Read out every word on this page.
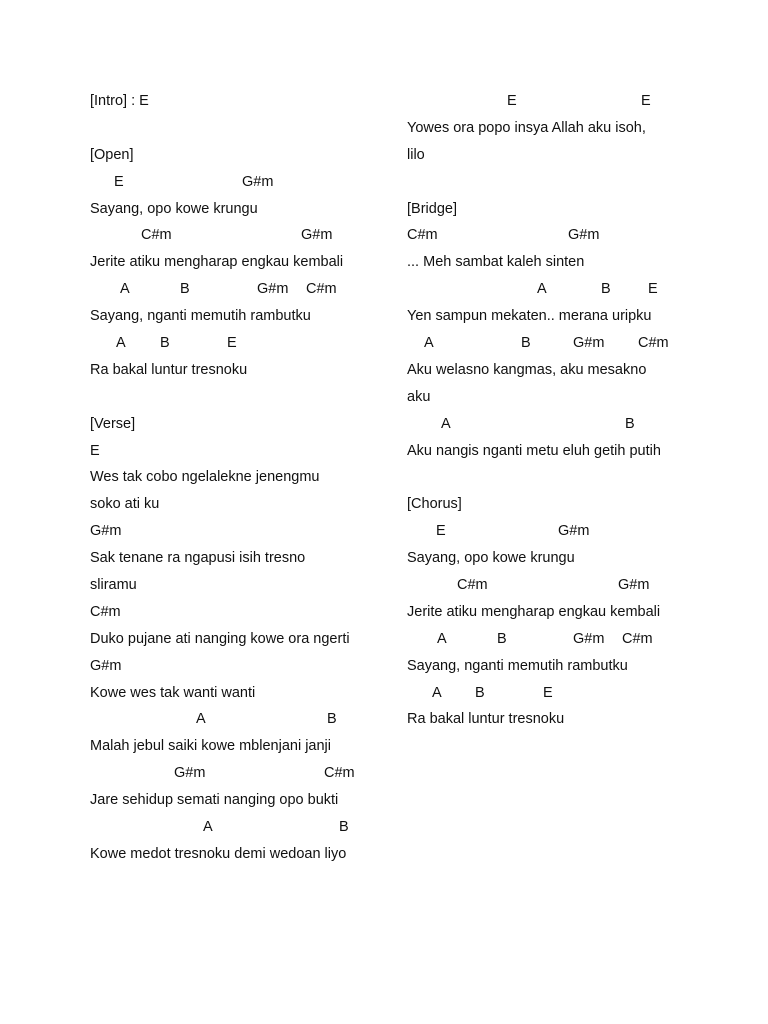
[Intro] : E
[Open]
E	G#m
Sayang, opo kowe krungu
C#m	G#m
Jerite atiku mengharap engkau kembali
A	B	G#m C#m
Sayang, nganti memutih rambutku
A B	E
Ra bakal luntur tresnoku
[Verse]
E
Wes tak cobo ngelalekne jenengmu
soko ati ku
G#m
Sak tenane ra ngapusi isih tresno
sliramu
C#m
Duko pujane ati nanging kowe ora ngerti
G#m
Kowe wes tak wanti wanti
A	B
Malah jebul saiki kowe mblenjani janji
G#m	C#m
Jare sehidup semati nanging opo bukti
A	B
Kowe medot tresnoku demi wedoan liyo
E	E
Yowes ora popo insya Allah aku isoh,
lilo
[Bridge]
C#m	G#m
... Meh sambat kaleh sinten
A	B	E
Yen sampun mekaten.. merana uripku
A	B	G#m C#m
Aku welasno kangmas, aku mesakno
aku
A	B
Aku nangis nganti metu eluh getih putih
[Chorus]
E	G#m
Sayang, opo kowe krungu
C#m	G#m
Jerite atiku mengharap engkau kembali
A	B	G#m C#m
Sayang, nganti memutih rambutku
A B	E
Ra bakal luntur tresnoku
